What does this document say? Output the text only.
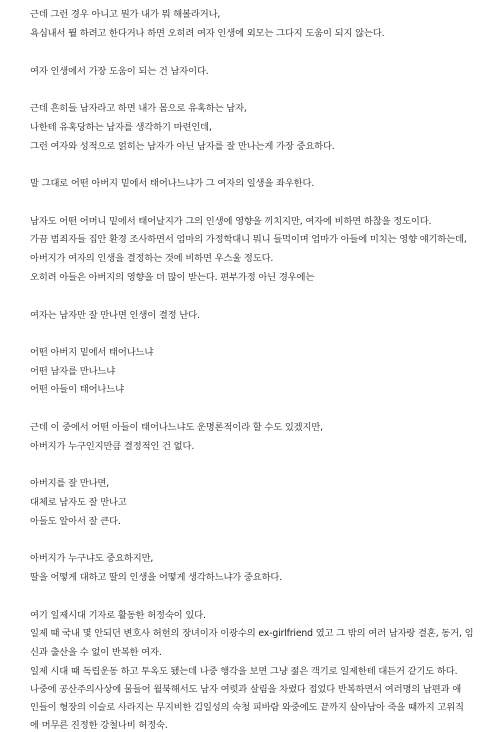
근데 그런 경우 아니고 뭔가 내가 뭐 해볼라거나,
욕심내서 뭘 하려고 한다거나 하면 오히려 여자 인생에 외모는 그다지 도움이 되지 않는다.
여자 인생에서 가장 도움이 되는 건 남자이다.
근데 흔히들 남자라고 하면 내가 몸으로 유혹하는 남자,
나한테 유혹당하는 남자를 생각하기 마련인데,
그런 여자와 성적으로 얽히는 남자가 아닌 남자를 잘 만나는게 가장 중요하다.
말 그대로 어떤 아버지 밑에서 태어나느냐가 그 여자의 일생을 좌우한다.
남자도 어떤 어머니 밑에서 태어날지가 그의 인생에 영향을 끼치지만, 여자에 비하면 하찮을 정도이다.
가끔 범죄자들 집안 환경 조사하면서 엄마의 가정학대니 뭐니 들먹이며 엄마가 아들에 미치는 영향 얘기하는데,
아버지가 여자의 인생을 결정하는 것에 비하면 우스울 정도다.
오히려 아들은 아버지의 영향을 더 많이 받는다. 편부가정 아닌 경우에는
여자는 남자만 잘 만나면 인생이 결정 난다.
어떤 아버지 밑에서 태어나느냐
어떤 남자를 만나느냐
어떤 아들이 태어나느냐
근데 이 중에서 어떤 아들이 태어나느냐도 운명론적이라 할 수도 있겠지만,
아버지가 누구인지만큼 결정적인 건 없다.
아버지를 잘 만나면,
대체로 남자도 잘 만나고
아들도 알아서 잘 큰다.
아버지가 누구냐도 중요하지만,
딸을 어떻게 대하고 딸의 인생을 어떻게 생각하느냐가 중요하다.
여기 일제시대 기자로 활동한 허정숙이 있다.
일제 때 국내 몇 안되던 변호사 허헌의 장녀이자 이광수의 ex-girlfriend 였고 그 밖의 여러 남자랑 결혼, 동거, 임
신과 출산을 수 없이 반복한 여자.
일제 시대 때 독립운동 하고 투옥도 됐는데 나중 행각을 보면 그냥 젊은 객기로 일제한테 대든거 같기도 하다.
나중에 공산주의사상에 물들어 월북해서도 남자 여럿과 살림을 차렸다 접었다 반복하면서 여러명의 남편과 애
인들이 형장의 이슬로 사라지는 무지비한 김일성의 숙청 피바람 와중에도 끝까지 살아남아 죽을 때까지 고위직
에 머무른 진정한 강철나비 허정숙.
